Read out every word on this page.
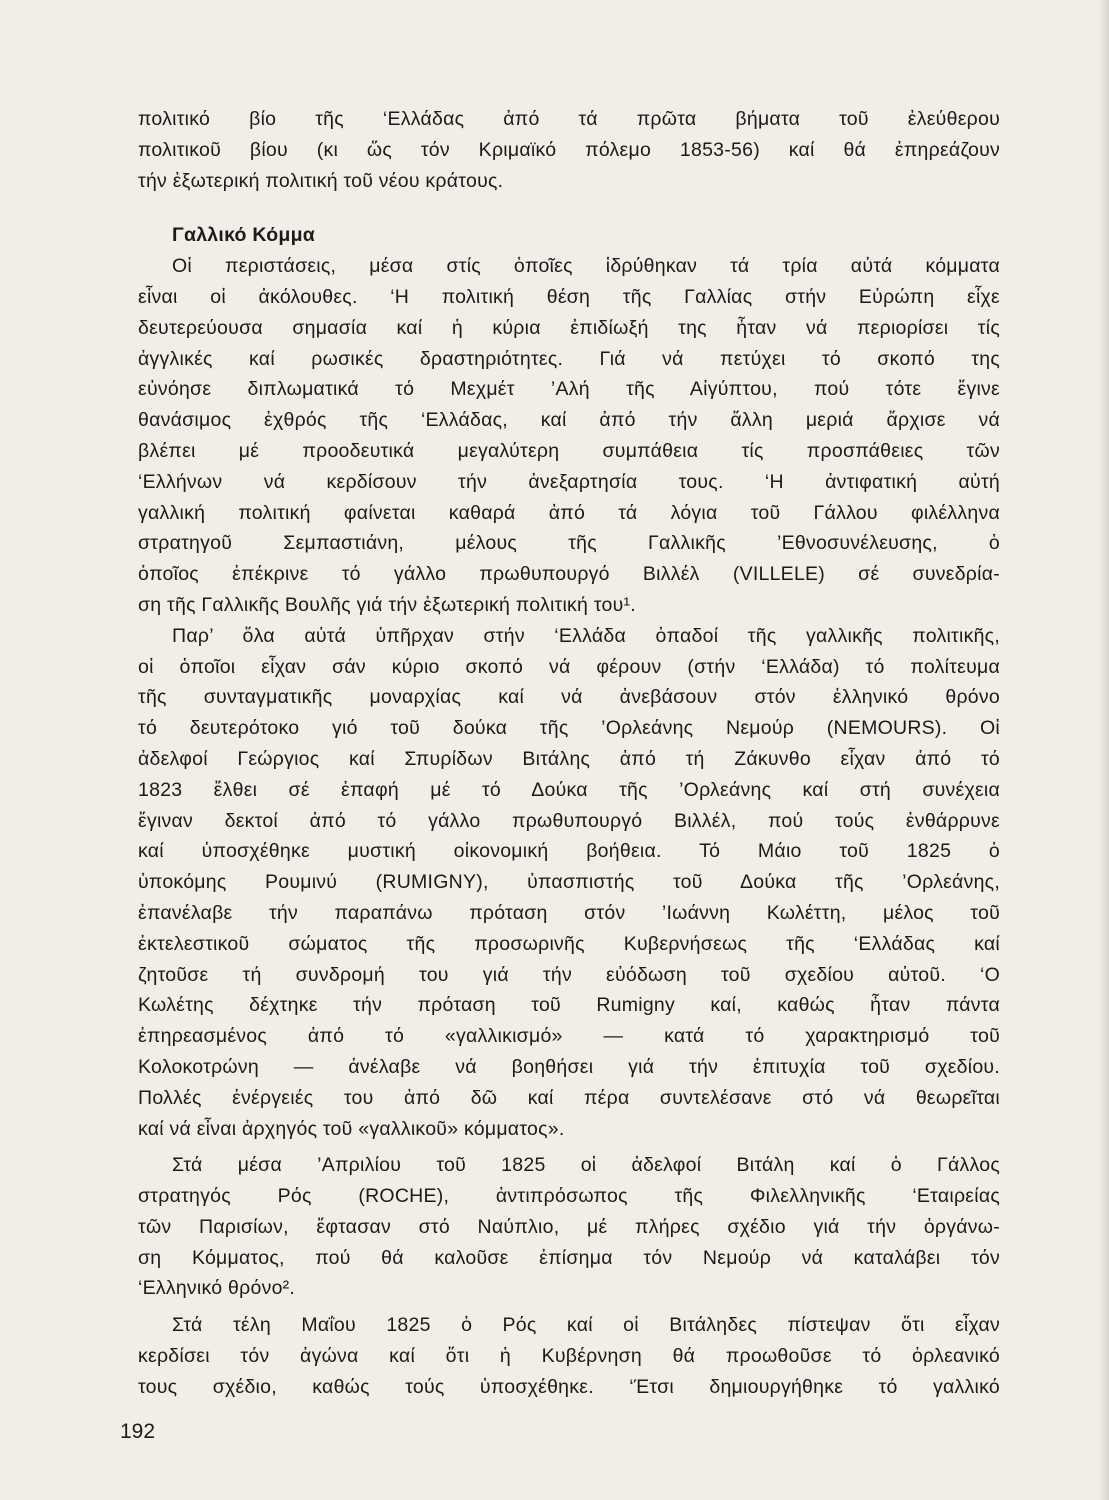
πολιτικό βίο τῆς ‘Ελλάδας ἀπό τά πρῶτα βήματα τοῦ ἐλεύθερου
πολιτικοῦ βίου (κι ὥς τόν Κριμαϊκό πόλεμο 1853-56) καί θά ἐπηρεάζουν
τήν ἐξωτερική πολιτική τοῦ νέου κράτους.
Γαλλικό Κόμμα
Οἱ περιστάσεις, μέσα στίς ὁποῖες ἱδρύθηκαν τά τρία αὐτά κόμματα
εἶναι οἱ ἀκόλουθες. ‘Η πολιτική θέση τῆς Γαλλίας στήν Εὐρώπη εἶχε
δευτερεύουσα σημασία καί ἡ κύρια ἐπιδίωξή της ἦταν νά περιορίσει τίς
ἀγγλικές καί ρωσικές δραστηριότητες. Γιά νά πετύχει τό σκοπό της
εὐνόησε διπλωματικά τό Μεχμέτ ’Αλή τῆς Αἰγύπτου, πού τότε ἔγινε
θανάσιμος ἐχθρός τῆς ‘Ελλάδας, καί ἀπό τήν ἄλλη μεριά ἄρχισε νά
βλέπει μέ προοδευτικά μεγαλύτερη συμπάθεια τίς προσπάθειες τῶν
‘Ελλήνων νά κερδίσουν τήν ἀνεξαρτησία τους. ‘Η ἀντιφατική αὐτή
γαλλική πολιτική φαίνεται καθαρά ἀπό τά λόγια τοῦ Γάλλου φιλέλληνα
στρατηγοῦ Σεμπαστιάνη, μέλους τῆς Γαλλικῆς ’Εθνοσυνέλευσης, ὁ
ὁποῖος ἐπέκρινε τό γάλλο πρωθυπουργό Βιλλέλ (VILLELE) σέ συνεδρία-
ση τῆς Γαλλικῆς Βουλῆς γιά τήν ἐξωτερική πολιτική του¹.
Παρ’ ὅλα αὐτά ὑπῆρχαν στήν ‘Ελλάδα ὀπαδοί τῆς γαλλικῆς πολιτικῆς,
οἱ ὁποῖοι εἶχαν σάν κύριο σκοπό νά φέρουν (στήν ‘Ελλάδα) τό πολίτευμα
τῆς συνταγματικῆς μοναρχίας καί νά ἀνεβάσουν στόν ἑλληνικό θρόνο
τό δευτερότοκο γιό τοῦ δούκα τῆς ’Ορλεάνης Νεμούρ (NEMOURS). Οἱ
ἀδελφοί Γεώργιος καί Σπυρίδων Βιτάλης ἀπό τή Ζάκυνθο εἶχαν ἀπό τό
1823 ἔλθει σέ ἐπαφή μέ τό Δούκα τῆς ’Ορλεάνης καί στή συνέχεια
ἔγιναν δεκτοί ἀπό τό γάλλο πρωθυπουργό Βιλλέλ, πού τούς ἐνθάρρυνε
καί ὑποσχέθηκε μυστική οἰκονομική βοήθεια. Τό Μάιο τοῦ 1825 ὁ
ὑποκόμης Ρουμινύ (RUMIGNY), ὑπασπιστής τοῦ Δούκα τῆς ’Ορλεάνης,
ἐπανέλαβε τήν παραπάνω πρόταση στόν ’Ιωάννη Κωλέττη, μέλος τοῦ
ἐκτελεστικοῦ σώματος τῆς προσωρινῆς Κυβερνήσεως τῆς ‘Ελλάδας καί
ζητοῦσε τή συνδρομή του γιά τήν εὐόδωση τοῦ σχεδίου αὐτοῦ. ‘Ο
Κωλέτης δέχτηκε τήν πρόταση τοῦ Rumigny καί, καθώς ἦταν πάντα
ἐπηρεασμένος ἀπό τό «γαλλικισμό» — κατά τό χαρακτηρισμό τοῦ
Κολοκοτρώνη — ἀνέλαβε νά βοηθήσει γιά τήν ἐπιτυχία τοῦ σχεδίου.
Πολλές ἐνέργειές του ἀπό δῶ καί πέρα συντελέσανε στό νά θεωρεῖται
καί νά εἶναι ἀρχηγός τοῦ «γαλλικοῦ» κόμματος».
Στά μέσα ’Απριλίου τοῦ 1825 οἱ ἀδελφοί Βιτάλη καί ὁ Γάλλος
στρατηγός Ρός (ROCHE), ἀντιπρόσωπος τῆς Φιλελληνικῆς ‘Εταιρείας
τῶν Παρισίων, ἔφτασαν στό Ναύπλιο, μέ πλήρες σχέδιο γιά τήν ὀργάνω-
ση Κόμματος, πού θά καλοῦσε ἐπίσημα τόν Νεμούρ νά καταλάβει τόν
‘Ελληνικό θρόνο².
Στά τέλη Μαΐου 1825 ὁ Ρός καί οἱ Βιτάληδες πίστεψαν ὅτι εἶχαν
κερδίσει τόν ἀγώνα καί ὅτι ἡ Κυβέρνηση θά προωθοῦσε τό ὀρλεανικό
τους σχέδιο, καθώς τούς ὑποσχέθηκε. ‘Έτσι δημιουργήθηκε τό γαλλικό
192
